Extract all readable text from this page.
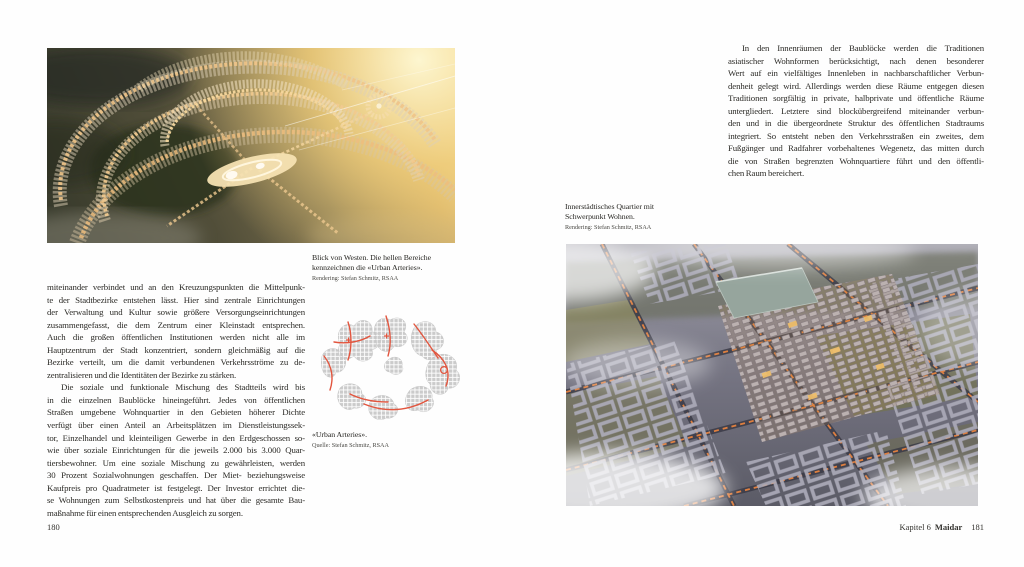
Blick von Westen. Die hellen Bereiche kennzeichnen die «Urban Arteries».
Rendering: Stefan Schmitz, RSAA
miteinander verbindet und an den Kreuzungspunkten die Mittelpunk-
te der Stadtbezirke entstehen lässt. Hier sind zentrale Einrichtungen
der Verwaltung und Kultur sowie größere Versorgungseinrichtungen
zusammengefasst, die dem Zentrum einer Kleinstadt entsprechen.
Auch die großen öffentlichen Institutionen werden nicht alle im
Hauptzentrum der Stadt konzentriert, sondern gleichmäßig auf die
Bezirke verteilt, um die damit verbundenen Verkehrsströme zu de-
zentralisieren und die Identitäten der Bezirke zu stärken.
Die soziale und funktionale Mischung des Stadtteils wird bis
in die einzelnen Baublöcke hineingeführt. Jedes von öffentlichen
Straßen umgebene Wohnquartier in den Gebieten höherer Dichte
verfügt über einen Anteil an Arbeitsplätzen im Dienstleistungssek-
tor, Einzelhandel und kleinteiligen Gewerbe in den Erdgeschossen so-
wie über soziale Einrichtungen für die jeweils 2.000 bis 3.000 Quar-
tiersbewohner. Um eine soziale Mischung zu gewährleisten, werden
30 Prozent Sozialwohnungen geschaffen. Der Miet- beziehungsweise
Kaufpreis pro Quadratmeter ist festgelegt. Der Investor errichtet die-
se Wohnungen zum Selbstkostenpreis und hat über die gesamte Bau-
maßnahme für einen entsprechenden Ausgleich zu sorgen.
«Urban Arteries».
Quelle: Stefan Schmitz, RSAA
180
In den Innenräumen der Baublöcke werden die Traditionen
asiatischer Wohnformen berücksichtigt, nach denen besonderer
Wert auf ein vielfältiges Innenleben in nachbarschaftlicher Verbun-
denheit gelegt wird. Allerdings werden diese Räume entgegen diesen
Traditionen sorgfältig in private, halbprivate und öffentliche Räume
untergliedert. Letztere sind blockübergreifend miteinander verbun-
den und in die übergeordnete Struktur des öffentlichen Stadtraums
integriert. So entsteht neben den Verkehrsstraßen ein zweites, dem
Fußgänger und Radfahrer vorbehaltenes Wegenetz, das mitten durch
die von Straßen begrenzten Wohnquartiere führt und den öffentli-
chen Raum bereichert.
Innerstädtisches Quartier mit Schwerpunkt Wohnen.
Rendering: Stefan Schmitz, RSAA
Kapitel 6 Maidar 181
